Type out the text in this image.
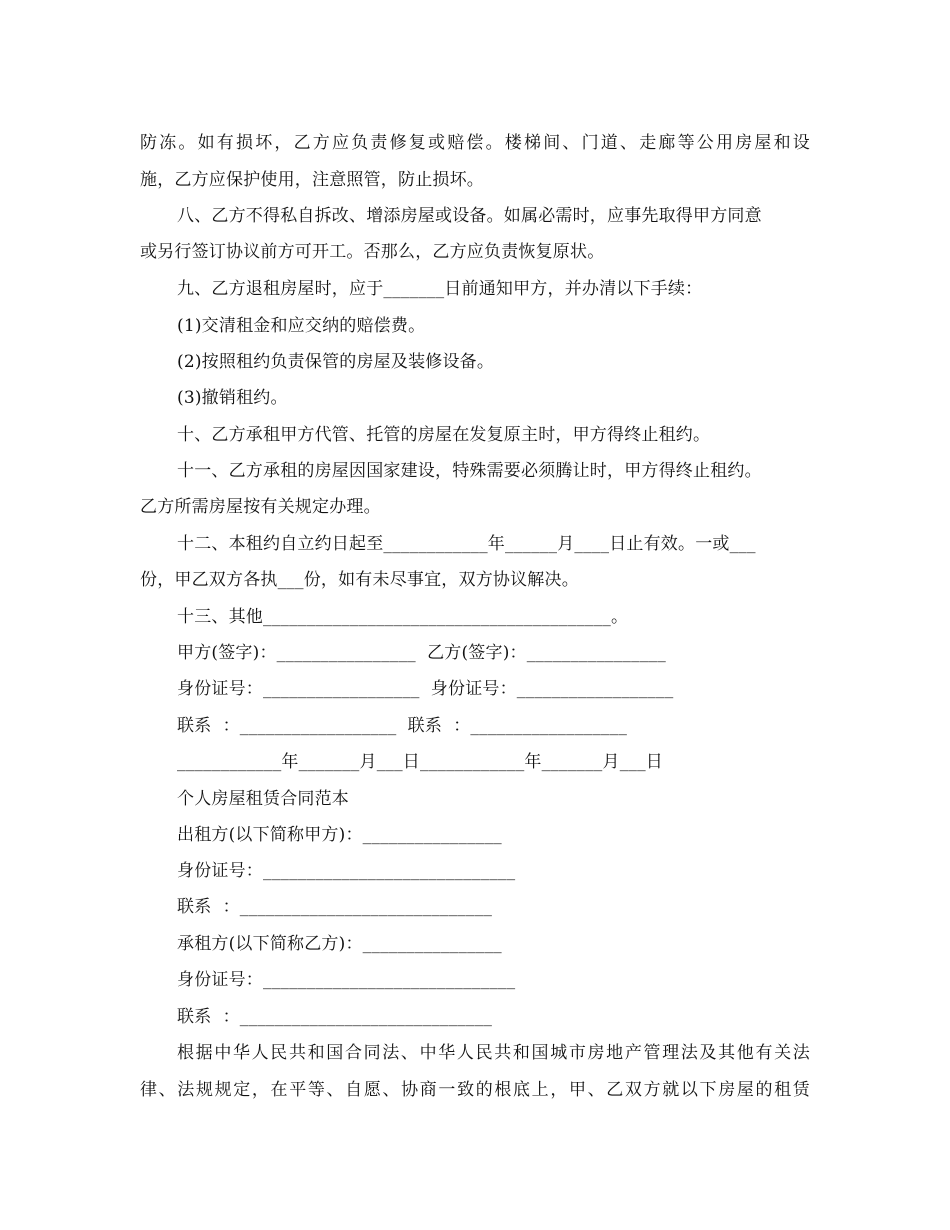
防冻。如有损坏，乙方应负责修复或赔偿。楼梯间、门道、走廊等公用房屋和设
施，乙方应保护使用，注意照管，防止损坏。
八、乙方不得私自拆改、增添房屋或设备。如属必需时，应事先取得甲方同意
或另行签订协议前方可开工。否那么，乙方应负责恢复原状。
九、乙方退租房屋时，应于_______日前通知甲方，并办清以下手续：
(1)交清租金和应交纳的赔偿费。
(2)按照租约负责保管的房屋及装修设备。
(3)撤销租约。
十、乙方承租甲方代管、托管的房屋在发复原主时，甲方得终止租约。
十一、乙方承租的房屋因国家建设，特殊需要必须腾让时，甲方得终止租约。
乙方所需房屋按有关规定办理。
十二、本租约自立约日起至____________年______月____日止有效。一或___
份，甲乙双方各执___份，如有未尽事宜，双方协议解决。
十三、其他________________________________________。
甲方(签字)：________________  乙方(签字)：________________
身份证号：__________________  身份证号：__________________
联系  ：__________________  联系  ：__________________
____________年_______月___日____________年_______月___日
个人房屋租赁合同范本
出租方(以下简称甲方)：________________
身份证号：_____________________________
联系  ：_____________________________
承租方(以下简称乙方)：________________
身份证号：_____________________________
联系  ：_____________________________
根据中华人民共和国合同法、中华人民共和国城市房地产管理法及其他有关法
律、法规规定，在平等、自愿、协商一致的根底上，甲、乙双方就以下房屋的租赁
